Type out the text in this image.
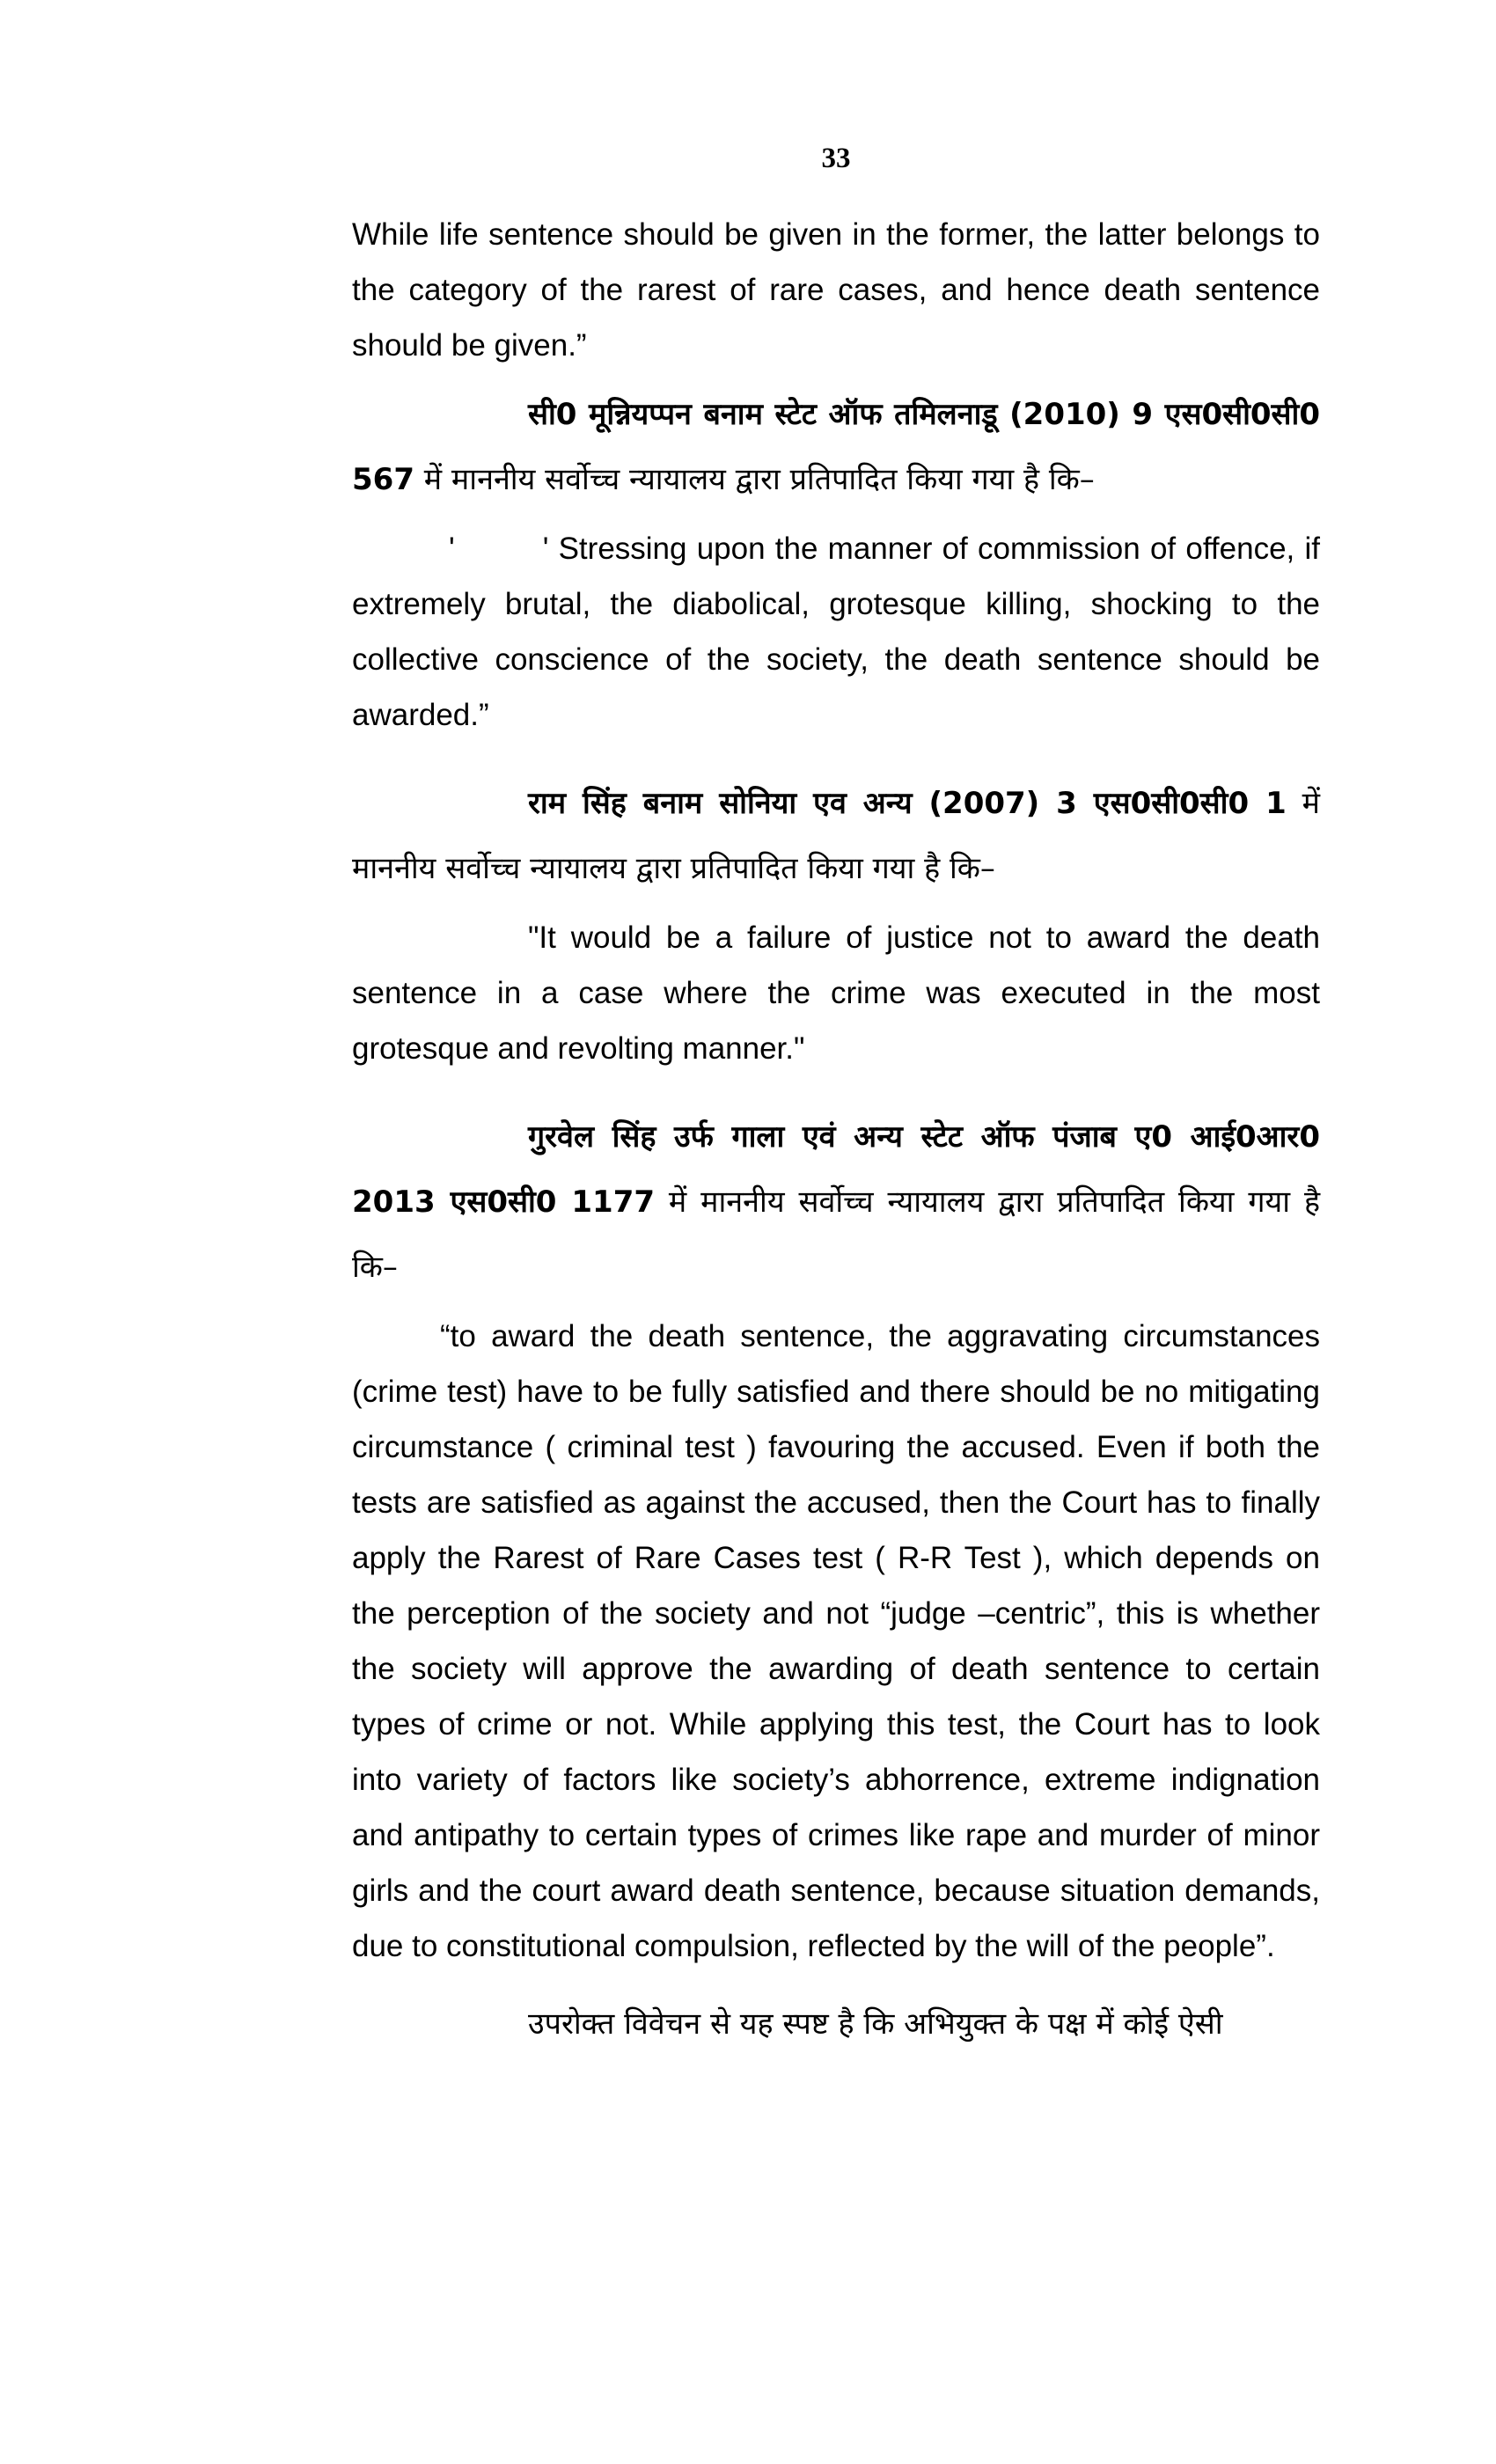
33

While life sentence should be given in the former, the latter belongs to the category of the rarest of rare cases, and hence death sentence should be given.”

सी0 मून्नियप्पन बनाम स्टेट ऑफ तमिलनाडू (2010) 9 एस0सी0सी0 567 में माननीय सर्वोच्च न्यायालय द्वारा प्रतिपादित किया गया है कि–

'	' Stressing upon the manner of commission of offence, if extremely brutal, the diabolical, grotesque killing, shocking to the collective conscience of the society, the death sentence should be awarded.”

राम सिंह बनाम सोनिया एव अन्य (2007) 3 एस0सी0सी0 1 में माननीय सर्वोच्च न्यायालय द्वारा प्रतिपादित किया गया है कि–

"It would be a failure of justice not to award the death sentence in a case where the crime was executed in the most grotesque and revolting manner."

गुरवेल सिंह उर्फ गाला एवं अन्य स्टेट ऑफ पंजाब ए0 आई0आर0 2013 एस0सी0 1177 में माननीय सर्वोच्च न्यायालय द्वारा प्रतिपादित किया गया है कि–

“to award the death sentence, the aggravating circumstances (crime test) have to be fully satisfied and there should be no mitigating circumstance ( criminal test ) favouring the accused. Even if both the tests are satisfied as against the accused, then the Court has to finally apply the Rarest of Rare Cases test ( R-R Test ), which depends on the perception of the society and not “judge –centric”, this is whether the society will approve the awarding of death sentence to certain types of crime or not. While applying this test, the Court has to look into variety of factors like society’s abhorrence, extreme indignation and antipathy to certain types of crimes like rape and murder of minor girls and the court award death sentence, because situation demands, due to constitutional compulsion, reflected by the will of the people”.

उपरोक्त विवेचन से यह स्पष्ट है कि अभियुक्त के पक्ष में कोई ऐसी
